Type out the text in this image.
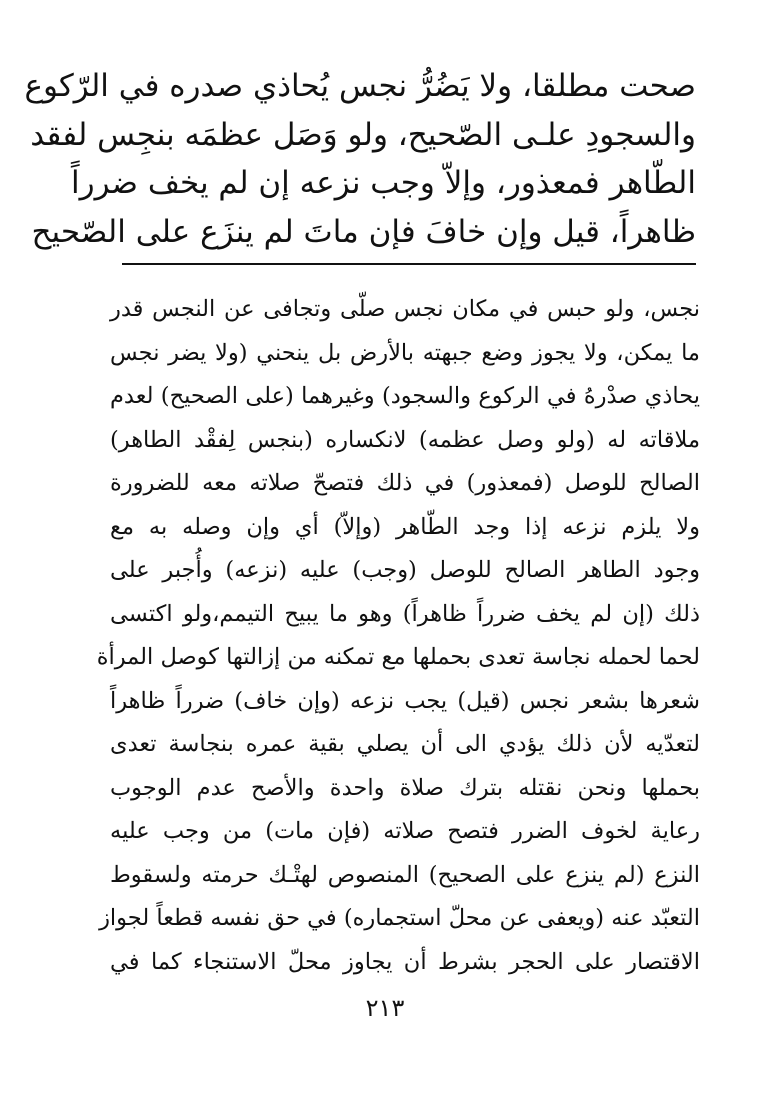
صحت مطلقا، ولا يَضُرُّ نجس يُحاذي صدره في الرّكوع
والسجودِ علـى الصّحيح، ولو وَصَل عظمَه بنجِس لفقد
الطّاهر فمعذور، وإلاّ وجب نزعه إن لم يخف ضرراً
ظاهراً، قيل وإن خافَ فإن ماتَ لم ينزَع على الصّحيح
نجس، ولو حبس في مكان نجس صلّى وتجافى عن النجس قدر
ما يمكن، ولا يجوز وضع جبهته بالأرض بل ينحني (ولا يضر نجس
يحاذي صدْرهُ في الركوع والسجود) وغيرهما (على الصحيح) لعدم
ملاقاته له (ولو وصل عظمه) لانكساره (بنجس لِفقْد الطاهر)
الصالح للوصل (فمعذور) في ذلك فتصحّ صلاته معه للضرورة
ولا يلزم نزعه إذا وجد الطّاهر (وإلاّ) أي وإن وصله به مع
وجود الطاهر الصالح للوصل (وجب) عليه (نزعه) وأُجبر على
ذلك (إن لم يخف ضرراً ظاهراً) وهو ما يبيح التيمم،ولو اكتسى
لحما لحمله نجاسة تعدى بحملها مع تمكنه من إزالتها كوصل المرأة
شعرها بشعر نجس (قيل) يجب نزعه (وإن خاف) ضرراً ظاهراً
لتعدّيه لأن ذلك يؤدي الى أن يصلي بقية عمره بنجاسة تعدى
بحملها ونحن نقتله بترك صلاة واحدة والأصح عدم الوجوب
رعاية لخوف الضرر فتصح صلاته (فإن مات) من وجب عليه
النزع (لم ينزع على الصحيح) المنصوص لهتْـك حرمته ولسقوط
التعبّد عنه (ويعفى عن محلّ استجماره) في حق نفسه قطعاً لجواز
الاقتصار على الحجر بشرط أن يجاوز محلّ الاستنجاء كما في
٢١٣
